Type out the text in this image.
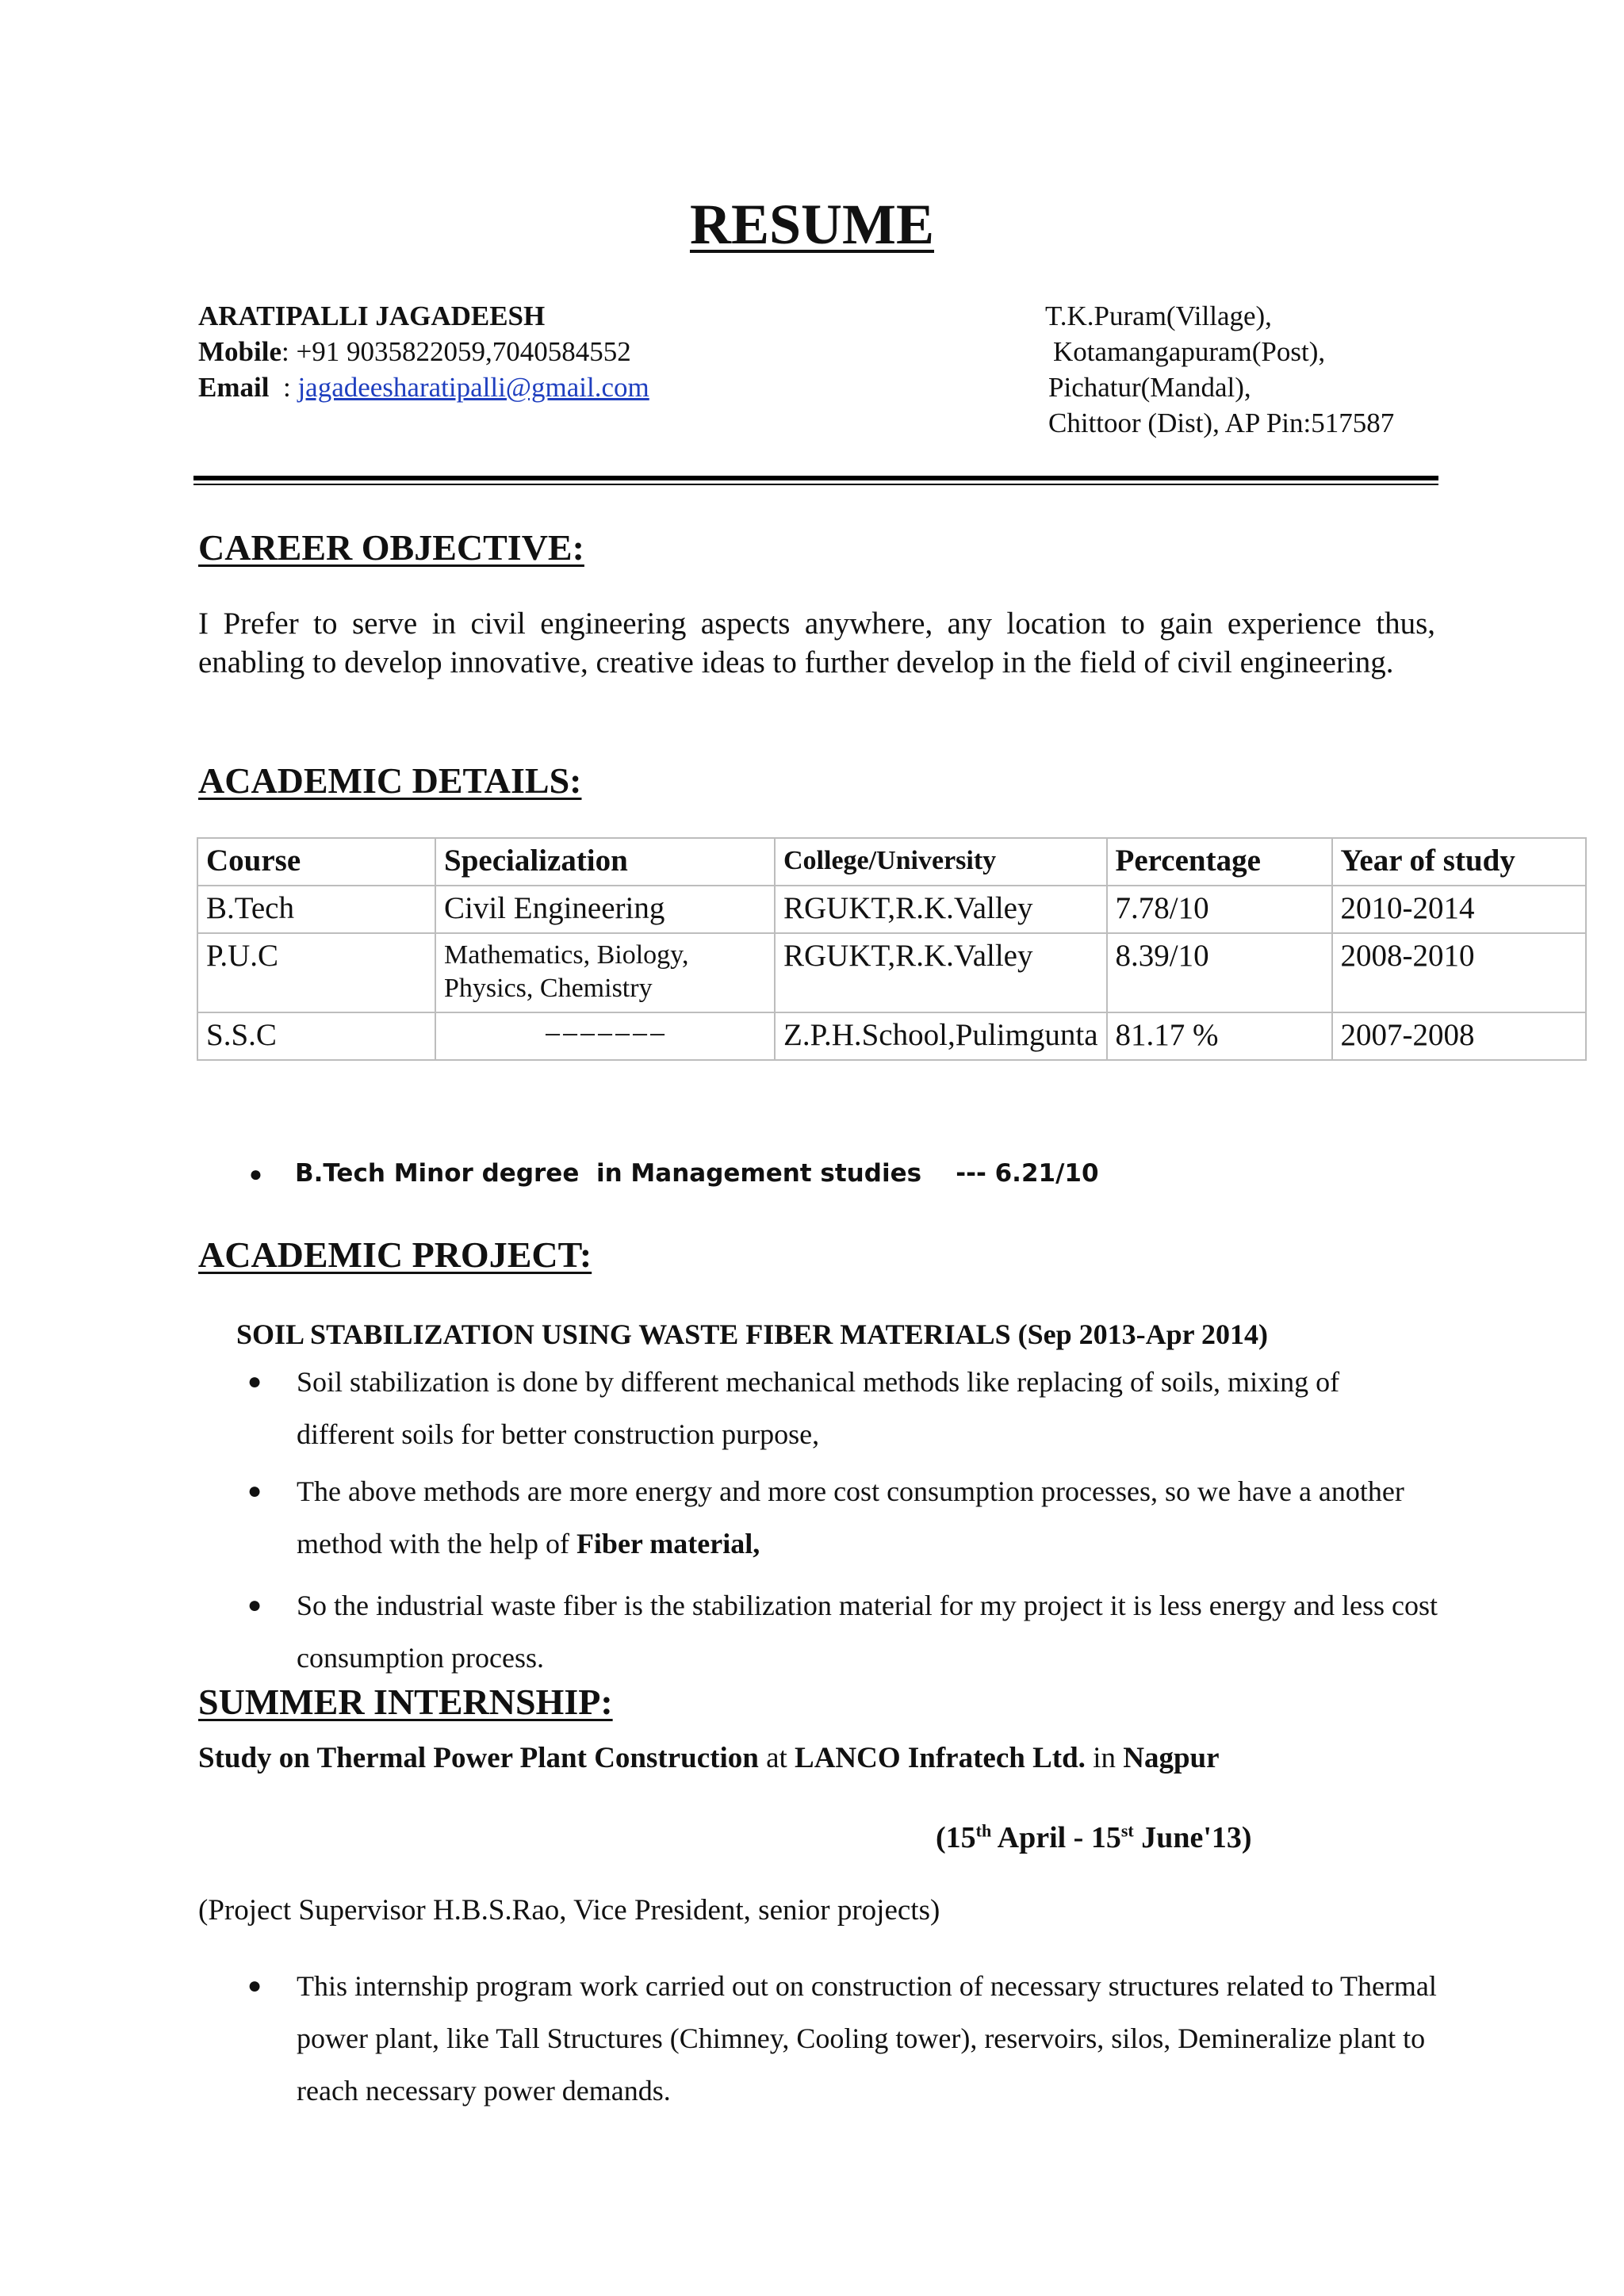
RESUME
ARATIPALLI JAGADEESH
Mobile: +91 9035822059,7040584552
Email  : jagadeesharatipalli@gmail.com
T.K.Puram(Village),
Kotamangapuram(Post),
Pichatur(Mandal),
Chittoor (Dist), AP Pin:517587
CAREER OBJECTIVE:
I Prefer to serve in civil engineering aspects anywhere, any location to gain experience thus, enabling to develop innovative, creative ideas to further develop in the field of civil engineering.
ACADEMIC DETAILS:
Course	Specialization	College/University	Percentage	Year of study
B.Tech	Civil Engineering	RGUKT,R.K.Valley	7.78/10	2010-2014
P.U.C	Mathematics, Biology, Physics, Chemistry	RGUKT,R.K.Valley	8.39/10	2008-2010
S.S.C	−−−−−−−	Z.P.H.School,Pulimgunta	81.17 %	2007-2008
● B.Tech Minor degree  in Management studies    --- 6.21/10
ACADEMIC PROJECT:
SOIL STABILIZATION USING WASTE FIBER MATERIALS (Sep 2013-Apr 2014)
● Soil stabilization is done by different mechanical methods like replacing of soils, mixing of different soils for better construction purpose,
● The above methods are more energy and more cost consumption processes, so we have a another method with the help of Fiber material,
● So the industrial waste fiber is the stabilization material for my project it is less energy and less cost consumption process.
SUMMER INTERNSHIP:
Study on Thermal Power Plant Construction at LANCO Infratech Ltd. in Nagpur
(15th April - 15st June'13)
(Project Supervisor H.B.S.Rao, Vice President, senior projects)
● This internship program work carried out on construction of necessary structures related to Thermal power plant, like Tall Structures (Chimney, Cooling tower), reservoirs, silos, Demineralize plant to reach necessary power demands.
